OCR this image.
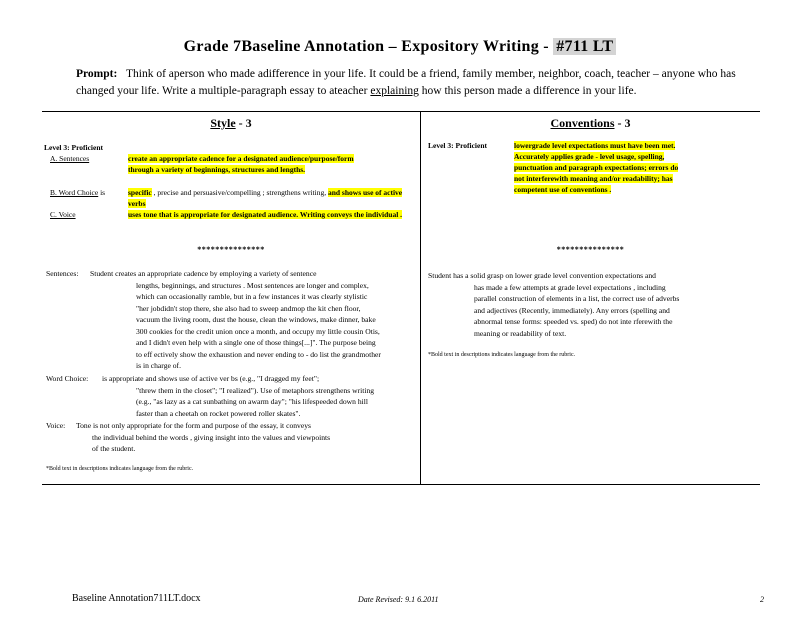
Grade 7Baseline Annotation – Expository Writing - #711 LT
Prompt: Think of aperson who made adifference in your life. It could be a friend, family member, neighbor, coach, teacher – anyone who has changed your life. Write a multiple-paragraph essay to ateacher explaining how this person made a difference in your life.
Style - 3
Level 3: Proficient
A. Sentences	create an appropriate cadence for a designated audience/purpose/form through a variety of beginnings, structures and lengths.
B. Word Choice is	specific , precise and persuasive/compelling ; strengthens writing, and shows use of active verbs
C. Voice	uses tone that is appropriate for designated audience. Writing conveys the individual .
***************
Sentences: Student creates an appropriate cadence by employing a variety of sentence
lengths, beginnings, and structures . Most sentences are longer and complex,
which can occasionally ramble, but in a few instances it was clearly stylistic
"her jobdidn't stop there, she also had to sweep andmop the kit chen floor,
vacuum the living room, dust the house, clean the windows, make dinner, bake
300 cookies for the credit union once a month, and occupy my little cousin Otis,
and I didn't even help with a single one of those things[...]". The purpose being
to eff ectively show the exhaustion and never ending to - do list the grandmother
is in charge of.
Word Choice: is appropriate and shows use of active ver bs (e.g., "I dragged my feet";
"threw them in the closet"; "I realized"). Use of metaphors strengthens writing
(e.g., "as lazy as a cat sunbathing on awarm day"; "his lifespeeded down hill
faster than a cheetah on rocket powered roller skates".
Voice: Tone is not only appropriate for the form and purpose of the essay, it conveys
the individual behind the words , giving insight into the values and viewpoints
of the student.
*Bold text in descriptions indicates language from the rubric.
Conventions - 3
Level 3: Proficient	lowergrade level expectations must have been met.
Accurately applies grade - level usage, spelling,
punctuation and paragraph expectations; errors do
not interferewith meaning and/or readability; has
competent use of conventions .
***************
Student has a solid grasp on lower grade level convention expectations and
has made a few attempts at grade level expectations , including
parallel construction of elements in a list, the correct use of adverbs
and adjectives (Recently, immediately). Any errors (spelling and
abnormal tense forms: speeded vs. sped) do not inte rferewith the
meaning or readability of text.
*Bold text in descriptions indicates language from the rubric.
Baseline Annotation711LT.docx	Date Revised: 9.1 6.2011	2
